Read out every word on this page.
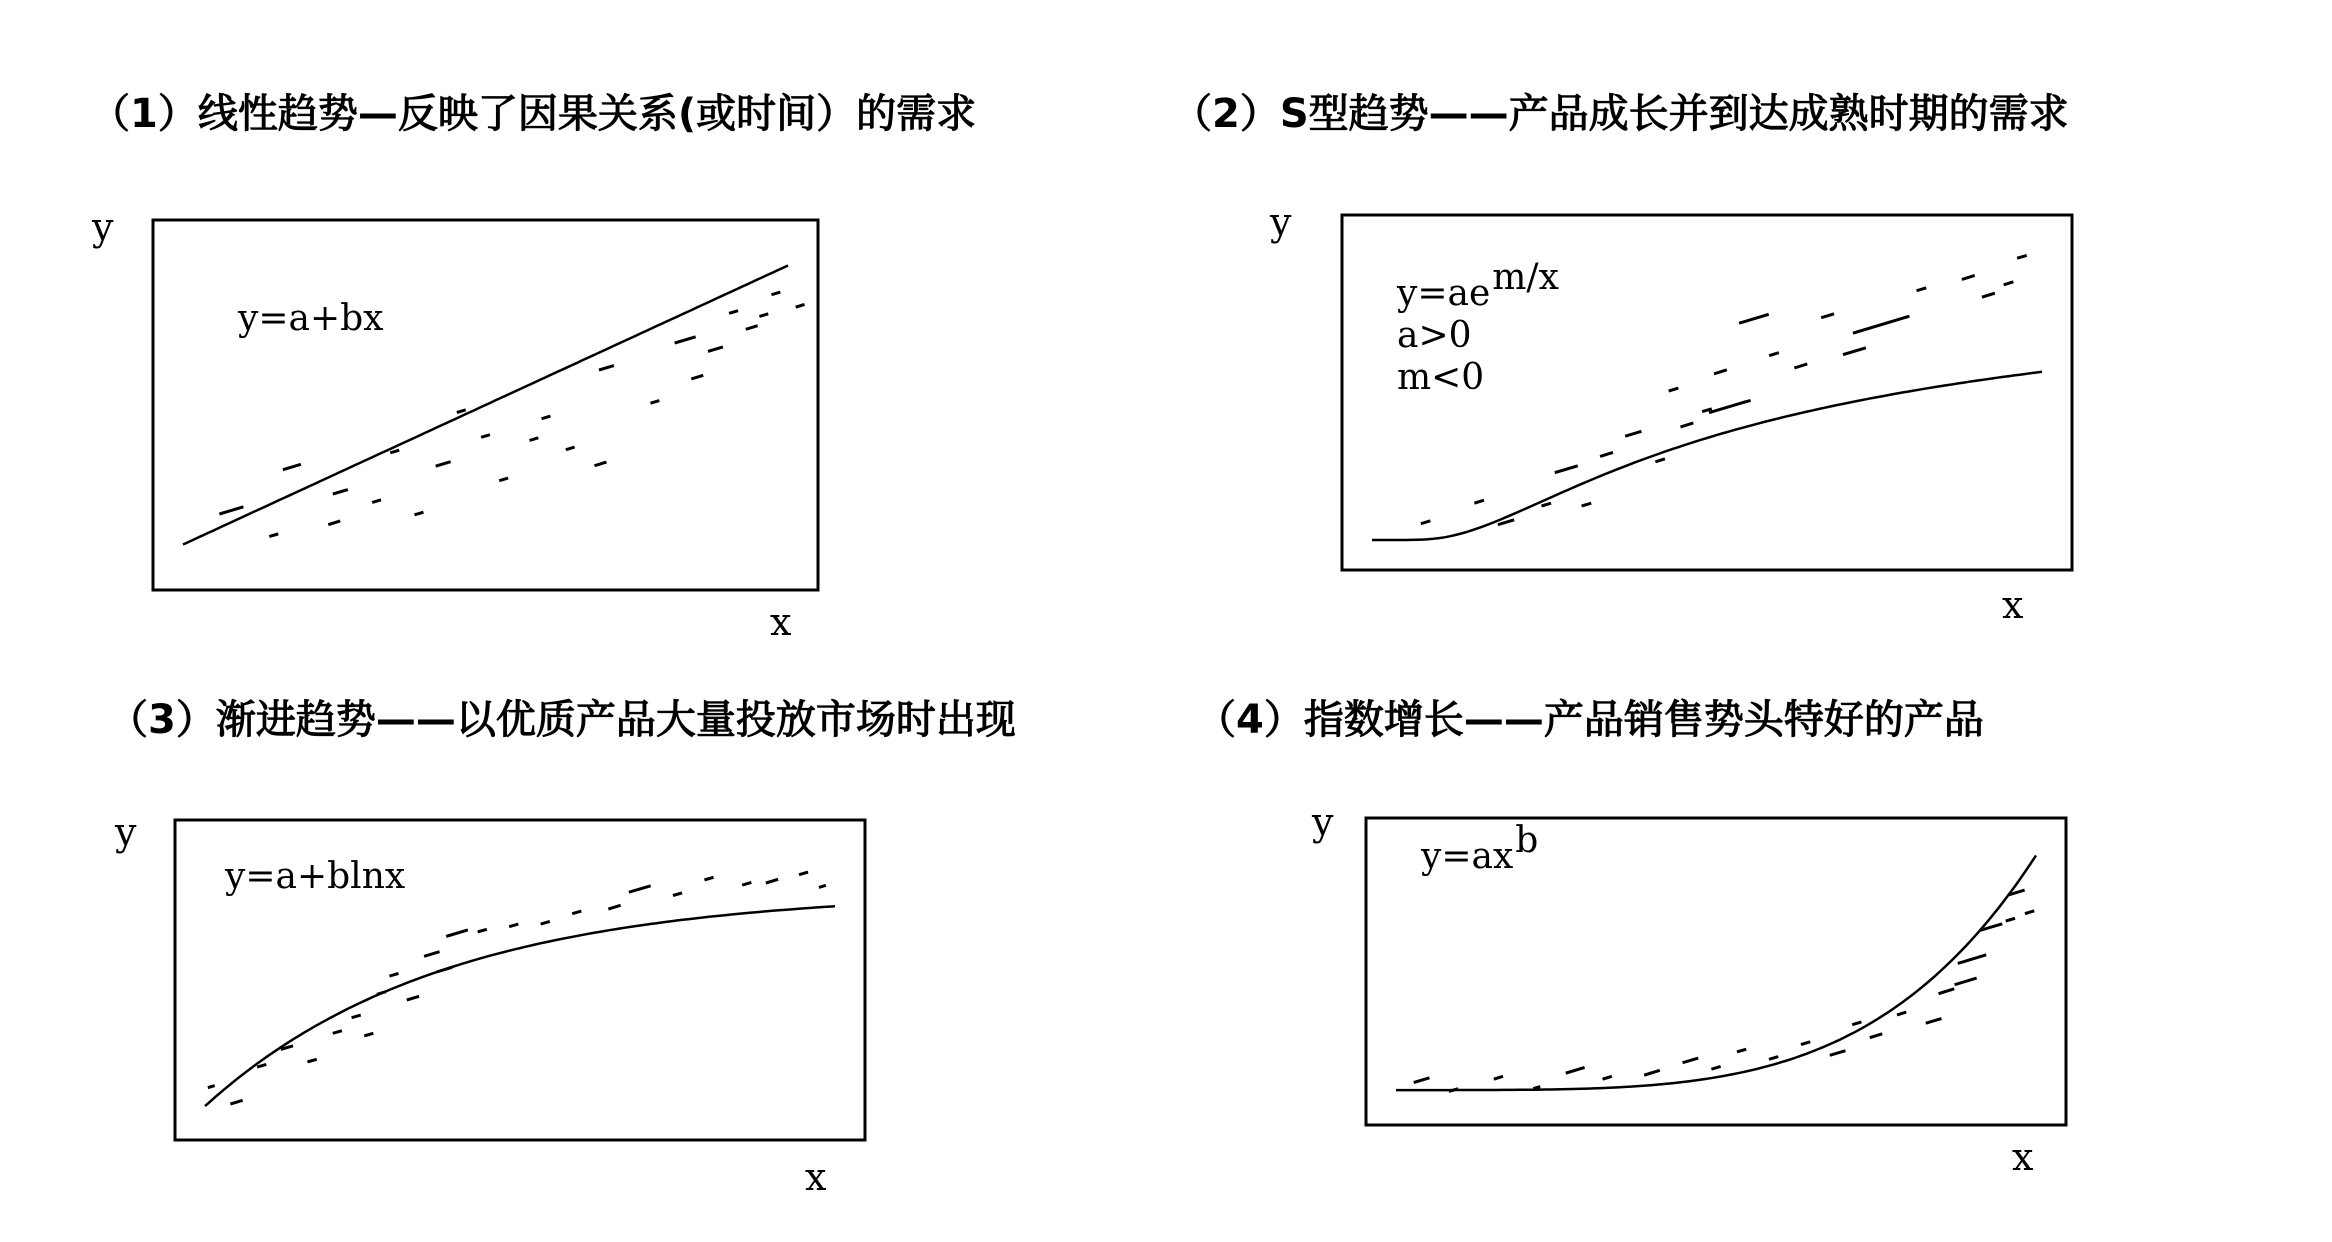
（1）线性趋势—反映了因果关系(或时间）的需求	（2）S型趋势——产品成长并到达成熟时期的需求
（3）渐进趋势——以优质产品大量投放市场时出现	（4）指数增长——产品销售势头特好的产品
y
x
y=a+bx
y
x
y=ae m/x
a>0
m<0
y
x
y=a+blnx
y
x
y=ax b
